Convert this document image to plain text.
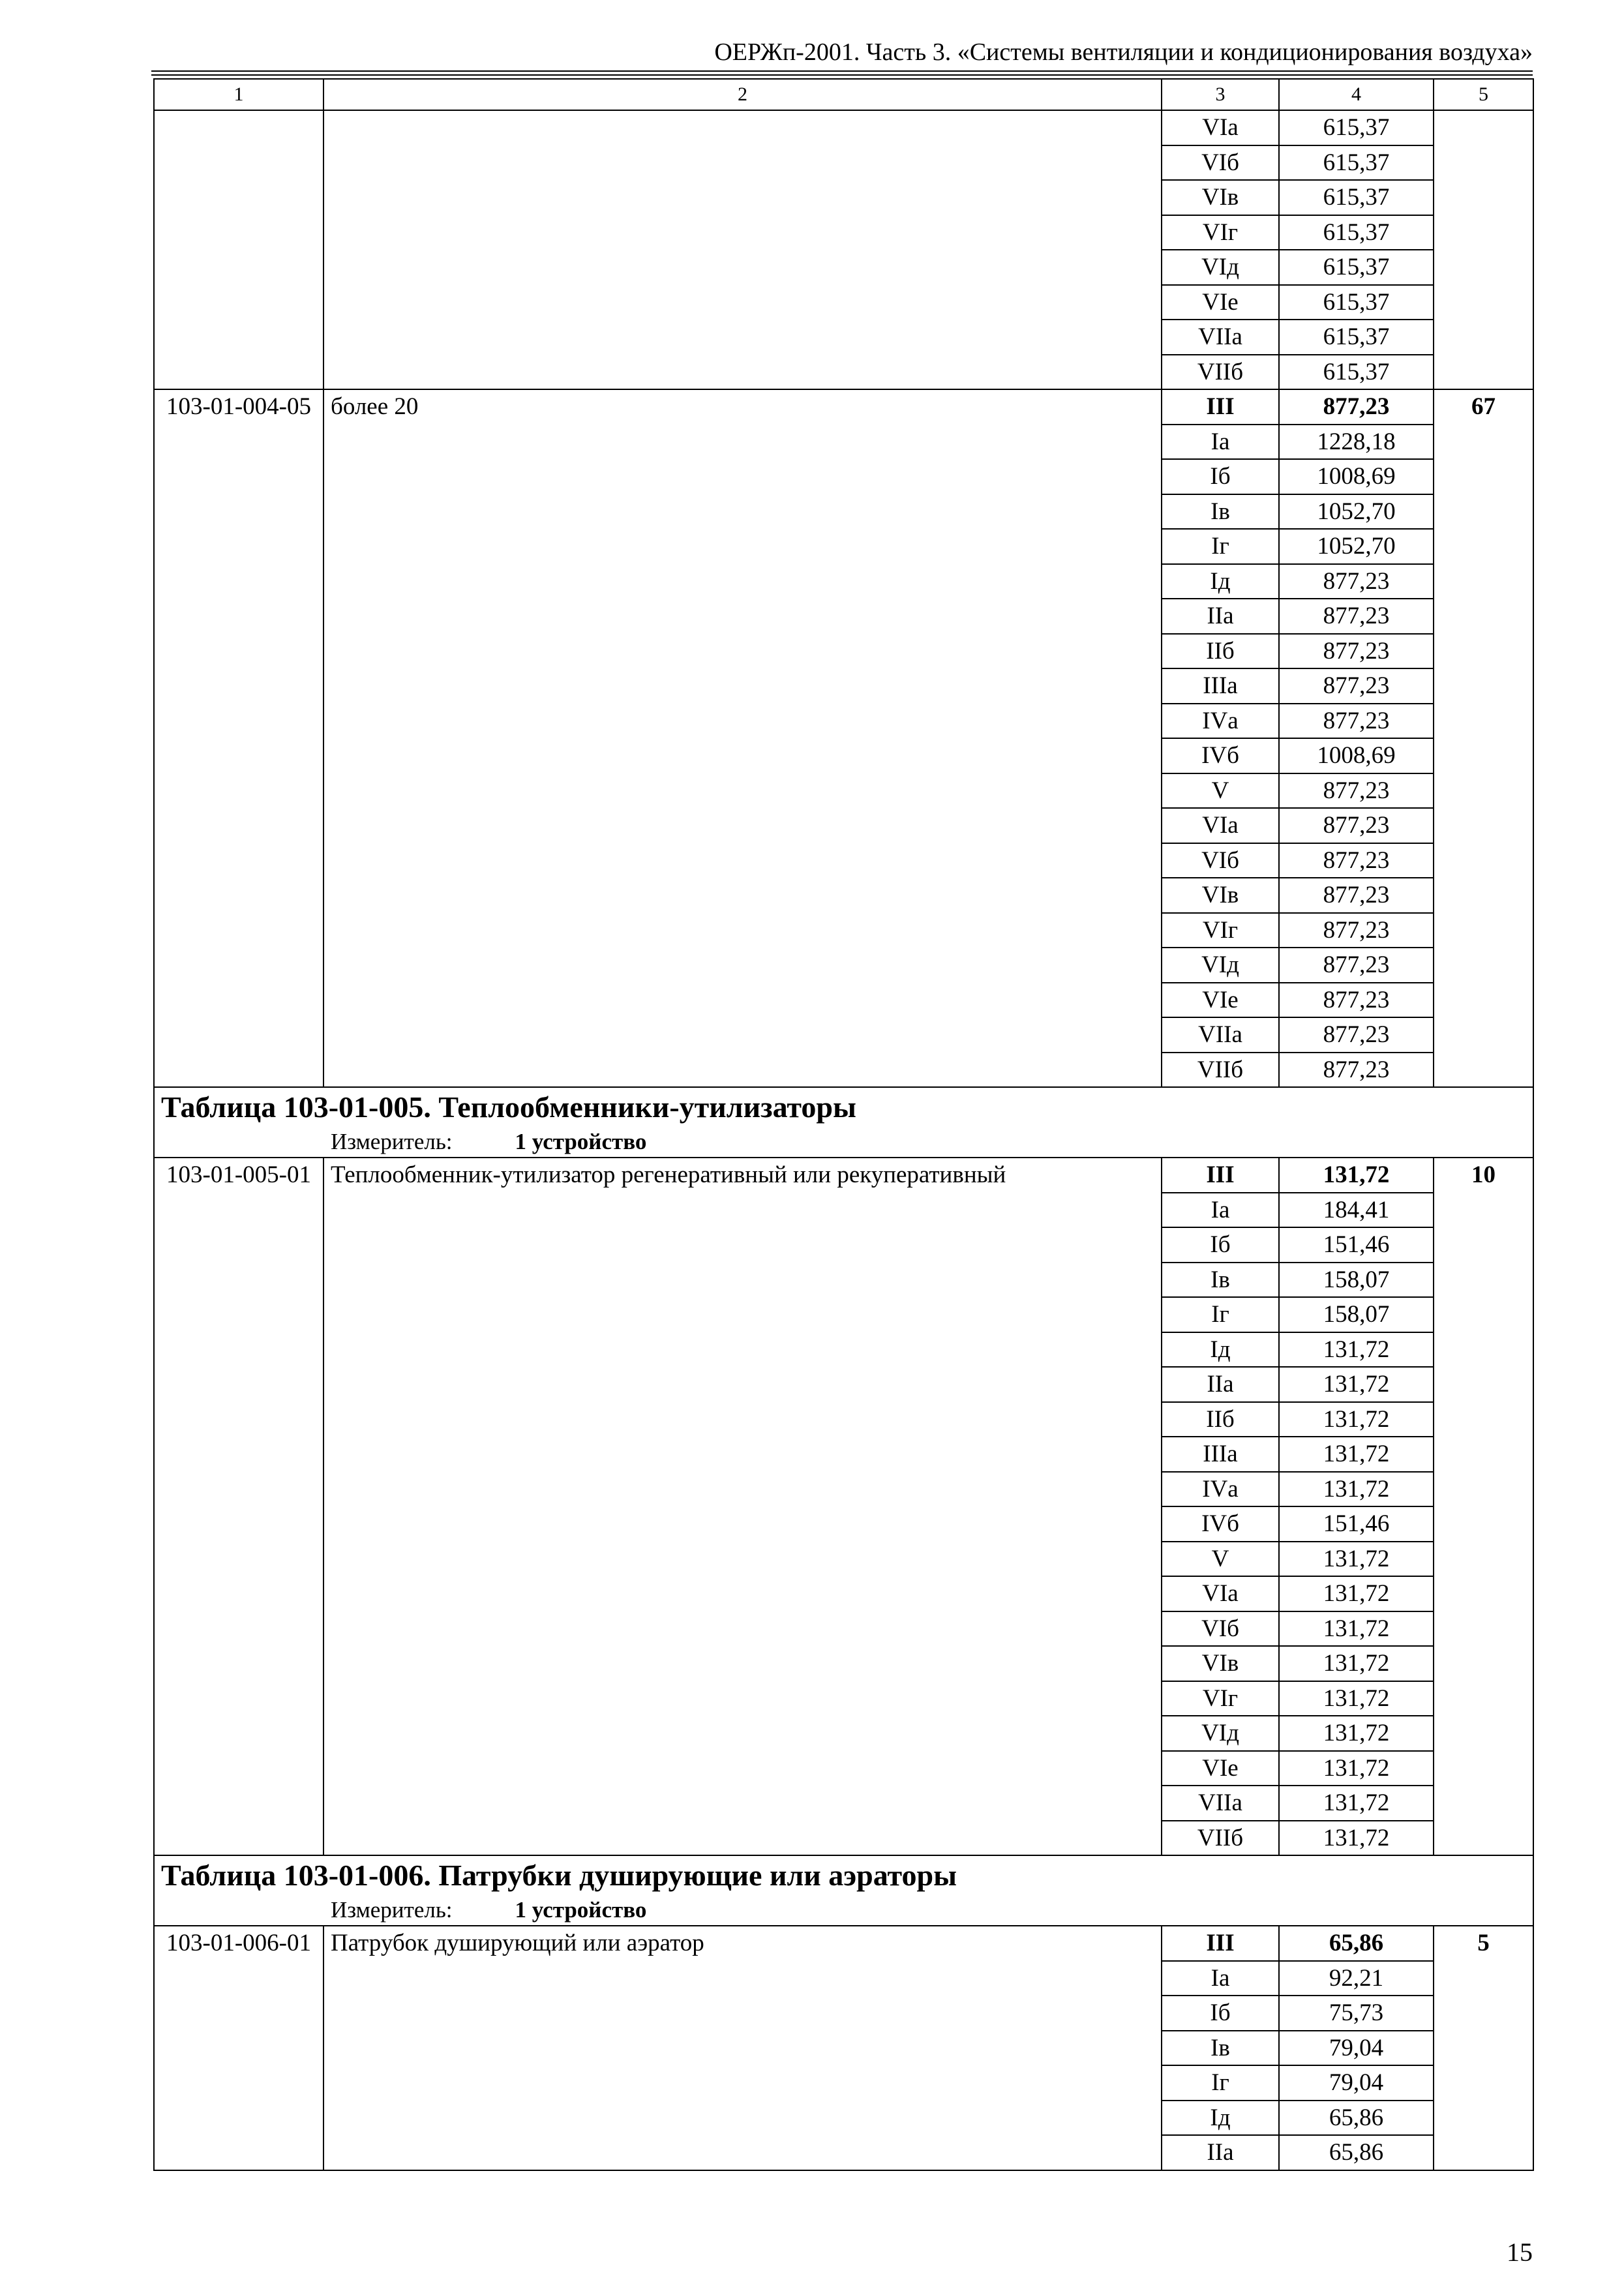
ОЕРЖп-2001. Часть 3. «Системы вентиляции и кондиционирования воздуха»
1	2	3	4	5
		VIа	615,37	
		VIб	615,37	
		VIв	615,37	
		VIг	615,37	
		VIд	615,37	
		VIе	615,37	
		VIIа	615,37	
		VIIб	615,37	
103-01-004-05	более 20	III	877,23	67
		Iа	1228,18	
		Iб	1008,69	
		Iв	1052,70	
		Iг	1052,70	
		Iд	877,23	
		IIа	877,23	
		IIб	877,23	
		IIIа	877,23	
		IVа	877,23	
		IVб	1008,69	
		V	877,23	
		VIа	877,23	
		VIб	877,23	
		VIв	877,23	
		VIг	877,23	
		VIд	877,23	
		VIе	877,23	
		VIIа	877,23	
		VIIб	877,23	

Таблица 103-01-005. Теплообменники-утилизаторы
Измеритель: 1 устройство				

103-01-005-01	Теплообменник-утилизатор регенеративный или рекуперативный	III	131,72	10
		Iа	184,41	
		Iб	151,46	
		Iв	158,07	
		Iг	158,07	
		Iд	131,72	
		IIа	131,72	
		IIб	131,72	
		IIIа	131,72	
		IVа	131,72	
		IVб	151,46	
		V	131,72	
		VIа	131,72	
		VIб	131,72	
		VIв	131,72	
		VIг	131,72	
		VIд	131,72	
		VIе	131,72	
		VIIа	131,72	
		VIIб	131,72	

Таблица 103-01-006. Патрубки душирующие или аэраторы
Измеритель: 1 устройство				

103-01-006-01	Патрубок душирующий или аэратор	III	65,86	5
		Iа	92,21	
		Iб	75,73	
		Iв	79,04	
		Iг	79,04	
		Iд	65,86	
		IIа	65,86	
15
